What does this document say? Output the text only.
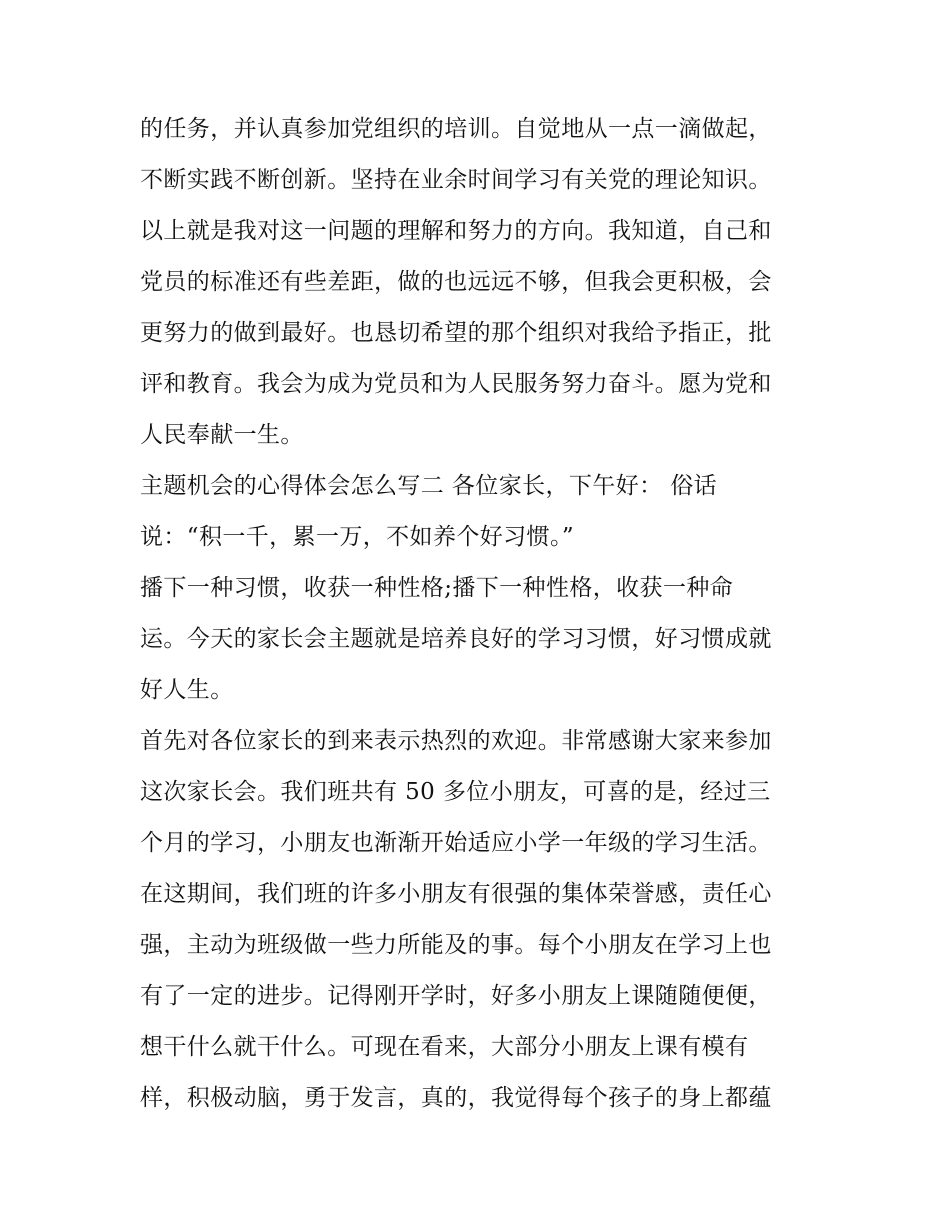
的任务，并认真参加党组织的培训。自觉地从一点一滴做起，
不断实践不断创新。坚持在业余时间学习有关党的理论知识。
以上就是我对这一问题的理解和努力的方向。我知道，自己和
党员的标准还有些差距，做的也远远不够，但我会更积极，会
更努力的做到最好。也恳切希望的那个组织对我给予指正，批
评和教育。我会为成为党员和为人民服务努力奋斗。愿为党和
人民奉献一生。
主题机会的心得体会怎么写二 各位家长，下午好： 俗话
说：“积一千，累一万，不如养个好习惯。”
播下一种习惯，收获一种性格;播下一种性格，收获一种命
运。今天的家长会主题就是培养良好的学习习惯，好习惯成就
好人生。
首先对各位家长的到来表示热烈的欢迎。非常感谢大家来参加
这次家长会。我们班共有 50 多位小朋友，可喜的是，经过三
个月的学习，小朋友也渐渐开始适应小学一年级的学习生活。
在这期间，我们班的许多小朋友有很强的集体荣誉感，责任心
强，主动为班级做一些力所能及的事。每个小朋友在学习上也
有了一定的进步。记得刚开学时，好多小朋友上课随随便便，
想干什么就干什么。可现在看来，大部分小朋友上课有模有
样，积极动脑，勇于发言，真的，我觉得每个孩子的身上都蕴
